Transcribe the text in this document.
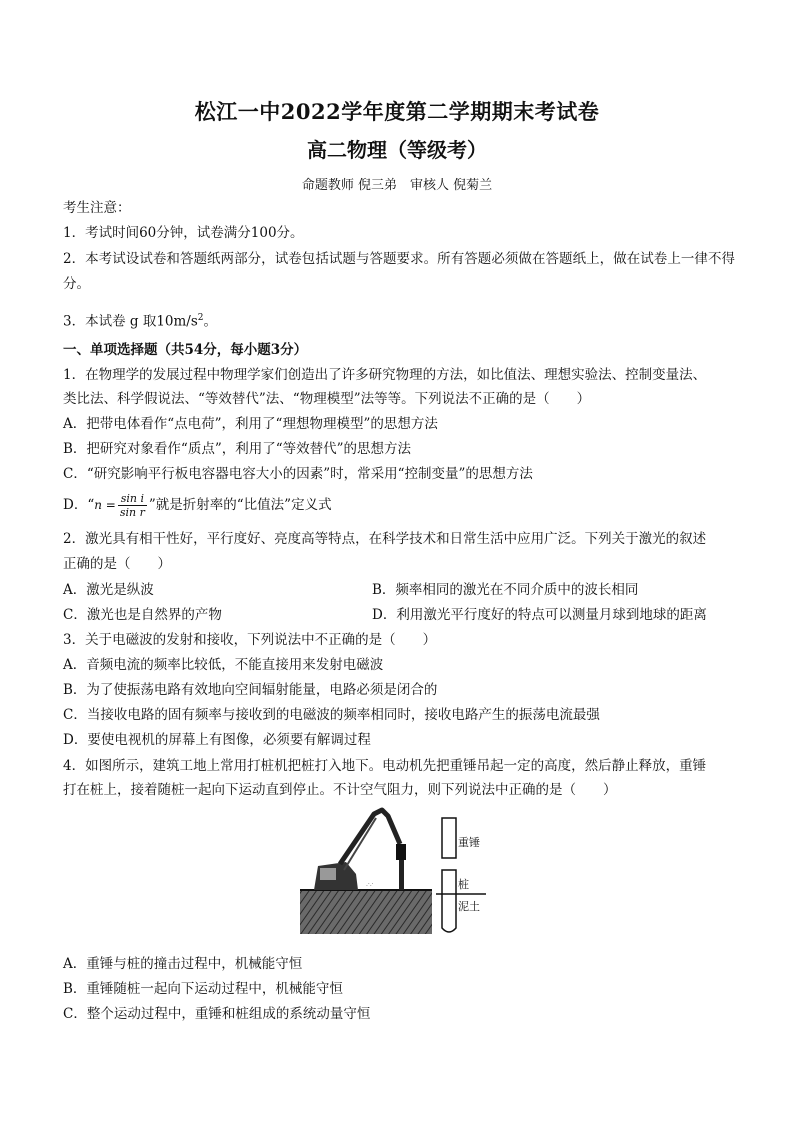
松江一中2022学年度第二学期期末考试卷
高二物理（等级考）
命题教师 倪三弟　审核人 倪菊兰
考生注意：
1．考试时间60分钟，试卷满分100分。
2．本考试设试卷和答题纸两部分，试卷包括试题与答题要求。所有答题必须做在答题纸上，做在试卷上一律不得分。
3．本试卷 g 取$10m/s^2$。
一、单项选择题（共54分，每小题3分）
1．在物理学的发展过程中物理学家们创造出了许多研究物理的方法，如比值法、理想实验法、控制变量法、
类比法、科学假说法、“等效替代”法、“物理模型”法等等。下列说法不正确的是（　　）
A．把带电体看作“点电荷”，利用了“理想物理模型”的思想方法
B．把研究对象看作“质点”，利用了“等效替代”的思想方法
C．“研究影响平行板电容器电容大小的因素”时，常采用“控制变量”的思想方法
D．“$n = \frac{\text{sin i}}{\text{sin r}}$ ”就是折射率的“比值法”定义式
2．激光具有相干性好，平行度好、亮度高等特点，在科学技术和日常生活中应用广泛。下列关于激光的叙述
正确的是（　　）
A．激光是纵波	B．频率相同的激光在不同介质中的波长相同
C．激光也是自然界的产物	D．利用激光平行度好的特点可以测量月球到地球的距离
3．关于电磁波的发射和接收，下列说法中不正确的是（　　）
A．音频电流的频率比较低，不能直接用来发射电磁波
B．为了使振荡电路有效地向空间辐射能量，电路必须是闭合的
C．当接收电路的固有频率与接收到的电磁波的频率相同时，接收电路产生的振荡电流最强
D．要使电视机的屏幕上有图像，必须要有解调过程
4．如图所示，建筑工地上常用打桩机把桩打入地下。电动机先把重锤吊起一定的高度，然后静止释放，重锤
打在桩上，接着随桩一起向下运动直到停止。不计空气阻力，则下列说法中正确的是（　　）
.·.·
重锤
桩
泥土
A．重锤与桩的撞击过程中，机械能守恒
B．重锤随桩一起向下运动过程中，机械能守恒
C．整个运动过程中，重锤和桩组成的系统动量守恒
